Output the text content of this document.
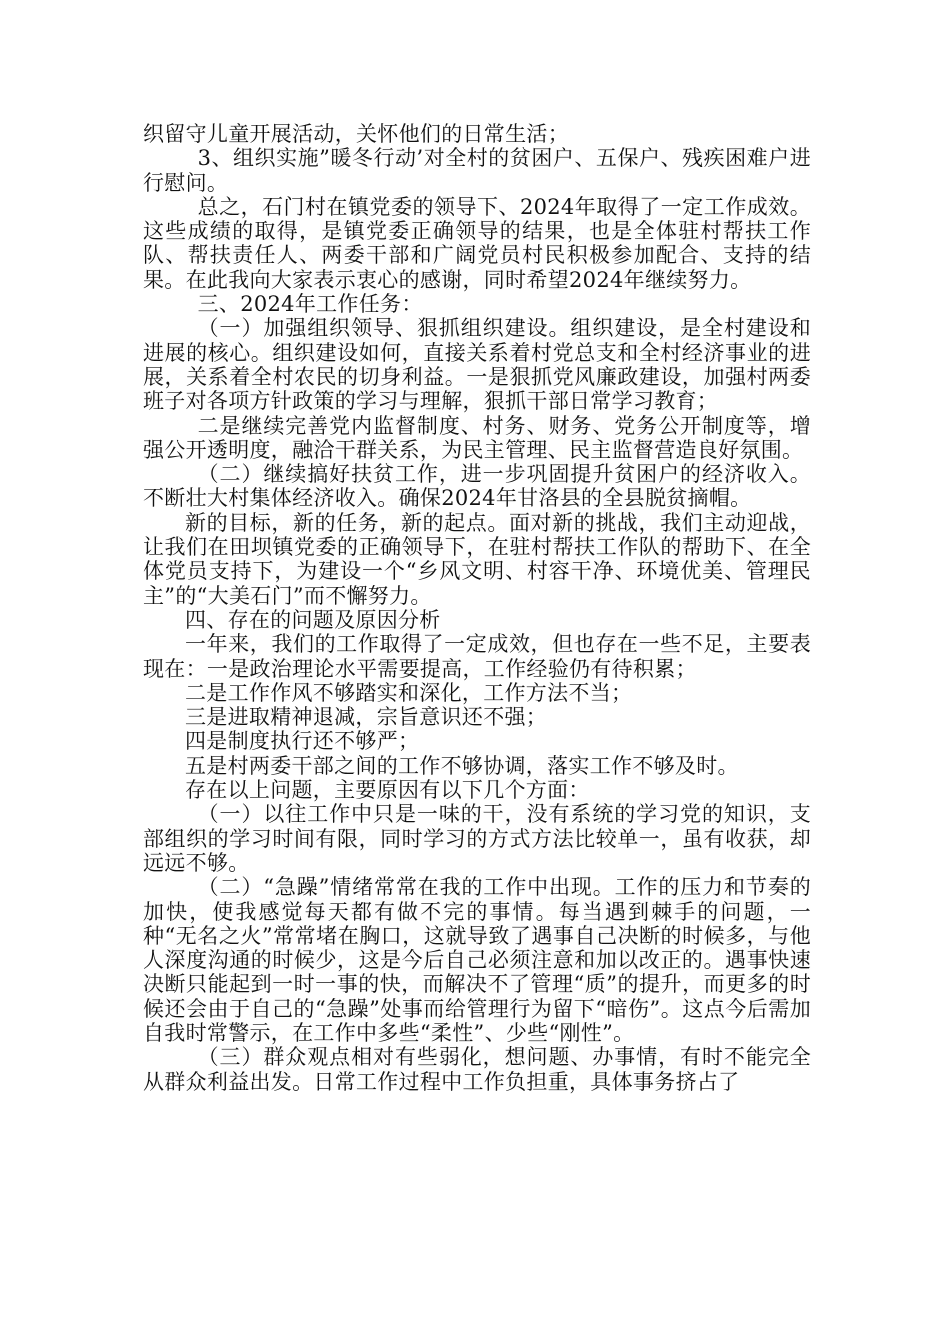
织留守儿童开展活动，关怀他们的日常生活；

3、组织实施”暖冬行动’对全村的贫困户、五保户、残疾困难户进行慰问。

总之，石门村在镇党委的领导下、2024年取得了一定工作成效。这些成绩的取得，是镇党委正确领导的结果，也是全体驻村帮扶工作队、帮扶责任人、两委干部和广阔党员村民积极参加配合、支持的结果。在此我向大家表示衷心的感谢，同时希望2024年继续努力。

三、2024年工作任务：

（一）加强组织领导、狠抓组织建设。组织建设，是全村建设和进展的核心。组织建设如何，直接关系着村党总支和全村经济事业的进展，关系着全村农民的切身利益。一是狠抓党风廉政建设，加强村两委班子对各项方针政策的学习与理解，狠抓干部日常学习教育；

二是继续完善党内监督制度、村务、财务、党务公开制度等，增强公开透明度，融洽干群关系，为民主管理、民主监督营造良好氛围。

（二）继续搞好扶贫工作，进一步巩固提升贫困户的经济收入。不断壮大村集体经济收入。确保2024年甘洛县的全县脱贫摘帽。

新的目标，新的任务，新的起点。面对新的挑战，我们主动迎战，让我们在田坝镇党委的正确领导下，在驻村帮扶工作队的帮助下、在全体党员支持下，为建设一个“乡风文明、村容干净、环境优美、管理民主”的“大美石门”而不懈努力。

四、存在的问题及原因分析

一年来，我们的工作取得了一定成效，但也存在一些不足，主要表现在：一是政治理论水平需要提高，工作经验仍有待积累；

二是工作作风不够踏实和深化，工作方法不当；

三是进取精神退减，宗旨意识还不强；

四是制度执行还不够严；

五是村两委干部之间的工作不够协调，落实工作不够及时。

存在以上问题，主要原因有以下几个方面：

（一）以往工作中只是一味的干，没有系统的学习党的知识，支部组织的学习时间有限，同时学习的方式方法比较单一，虽有收获，却远远不够。

（二）“急躁”情绪常常在我的工作中出现。工作的压力和节奏的加快，使我感觉每天都有做不完的事情。每当遇到棘手的问题，一种“无名之火”常常堵在胸口，这就导致了遇事自己决断的时候多，与他人深度沟通的时候少，这是今后自己必须注意和加以改正的。遇事快速决断只能起到一时一事的快，而解决不了管理“质”的提升，而更多的时候还会由于自己的“急躁”处事而给管理行为留下“暗伤”。这点今后需加自我时常警示，在工作中多些“柔性”、少些“刚性”。

（三）群众观点相对有些弱化，想问题、办事情，有时不能完全从群众利益出发。日常工作过程中工作负担重，具体事务挤占了
